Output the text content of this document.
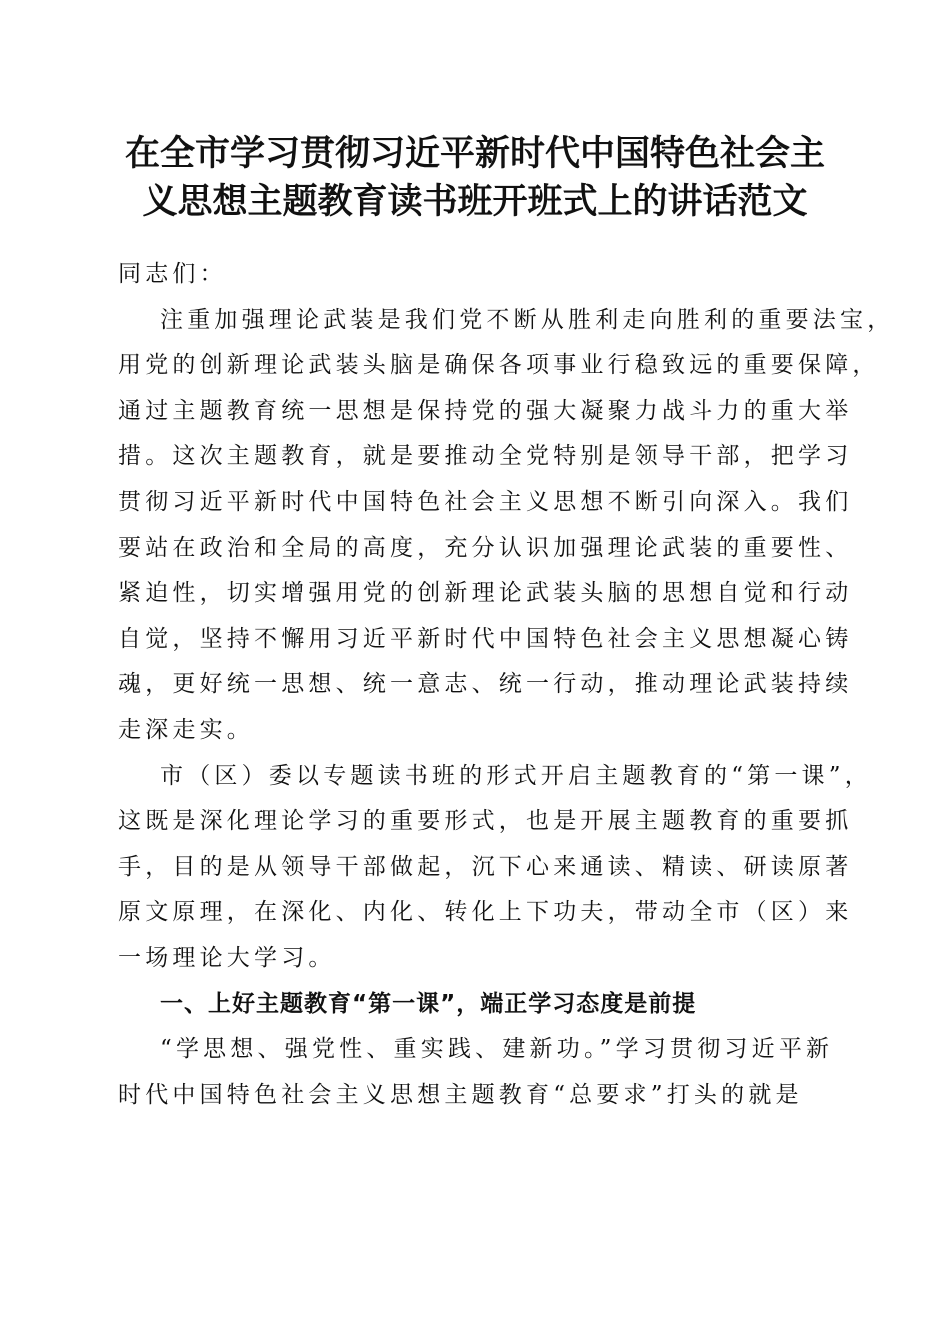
在全市学习贯彻习近平新时代中国特色社会主
义思想主题教育读书班开班式上的讲话范文
同志们：
注重加强理论武装是我们党不断从胜利走向胜利的重要法宝，
用党的创新理论武装头脑是确保各项事业行稳致远的重要保障，
通过主题教育统一思想是保持党的强大凝聚力战斗力的重大举
措。这次主题教育，就是要推动全党特别是领导干部，把学习
贯彻习近平新时代中国特色社会主义思想不断引向深入。我们
要站在政治和全局的高度，充分认识加强理论武装的重要性、
紧迫性，切实增强用党的创新理论武装头脑的思想自觉和行动
自觉，坚持不懈用习近平新时代中国特色社会主义思想凝心铸
魂，更好统一思想、统一意志、统一行动，推动理论武装持续
走深走实。
市（区）委以专题读书班的形式开启主题教育的“第一课”，
这既是深化理论学习的重要形式，也是开展主题教育的重要抓
手，目的是从领导干部做起，沉下心来通读、精读、研读原著
原文原理，在深化、内化、转化上下功夫，带动全市（区）来
一场理论大学习。
一、上好主题教育“第一课”，端正学习态度是前提
“学思想、强党性、重实践、建新功。”学习贯彻习近平新
时代中国特色社会主义思想主题教育“总要求”打头的就是
